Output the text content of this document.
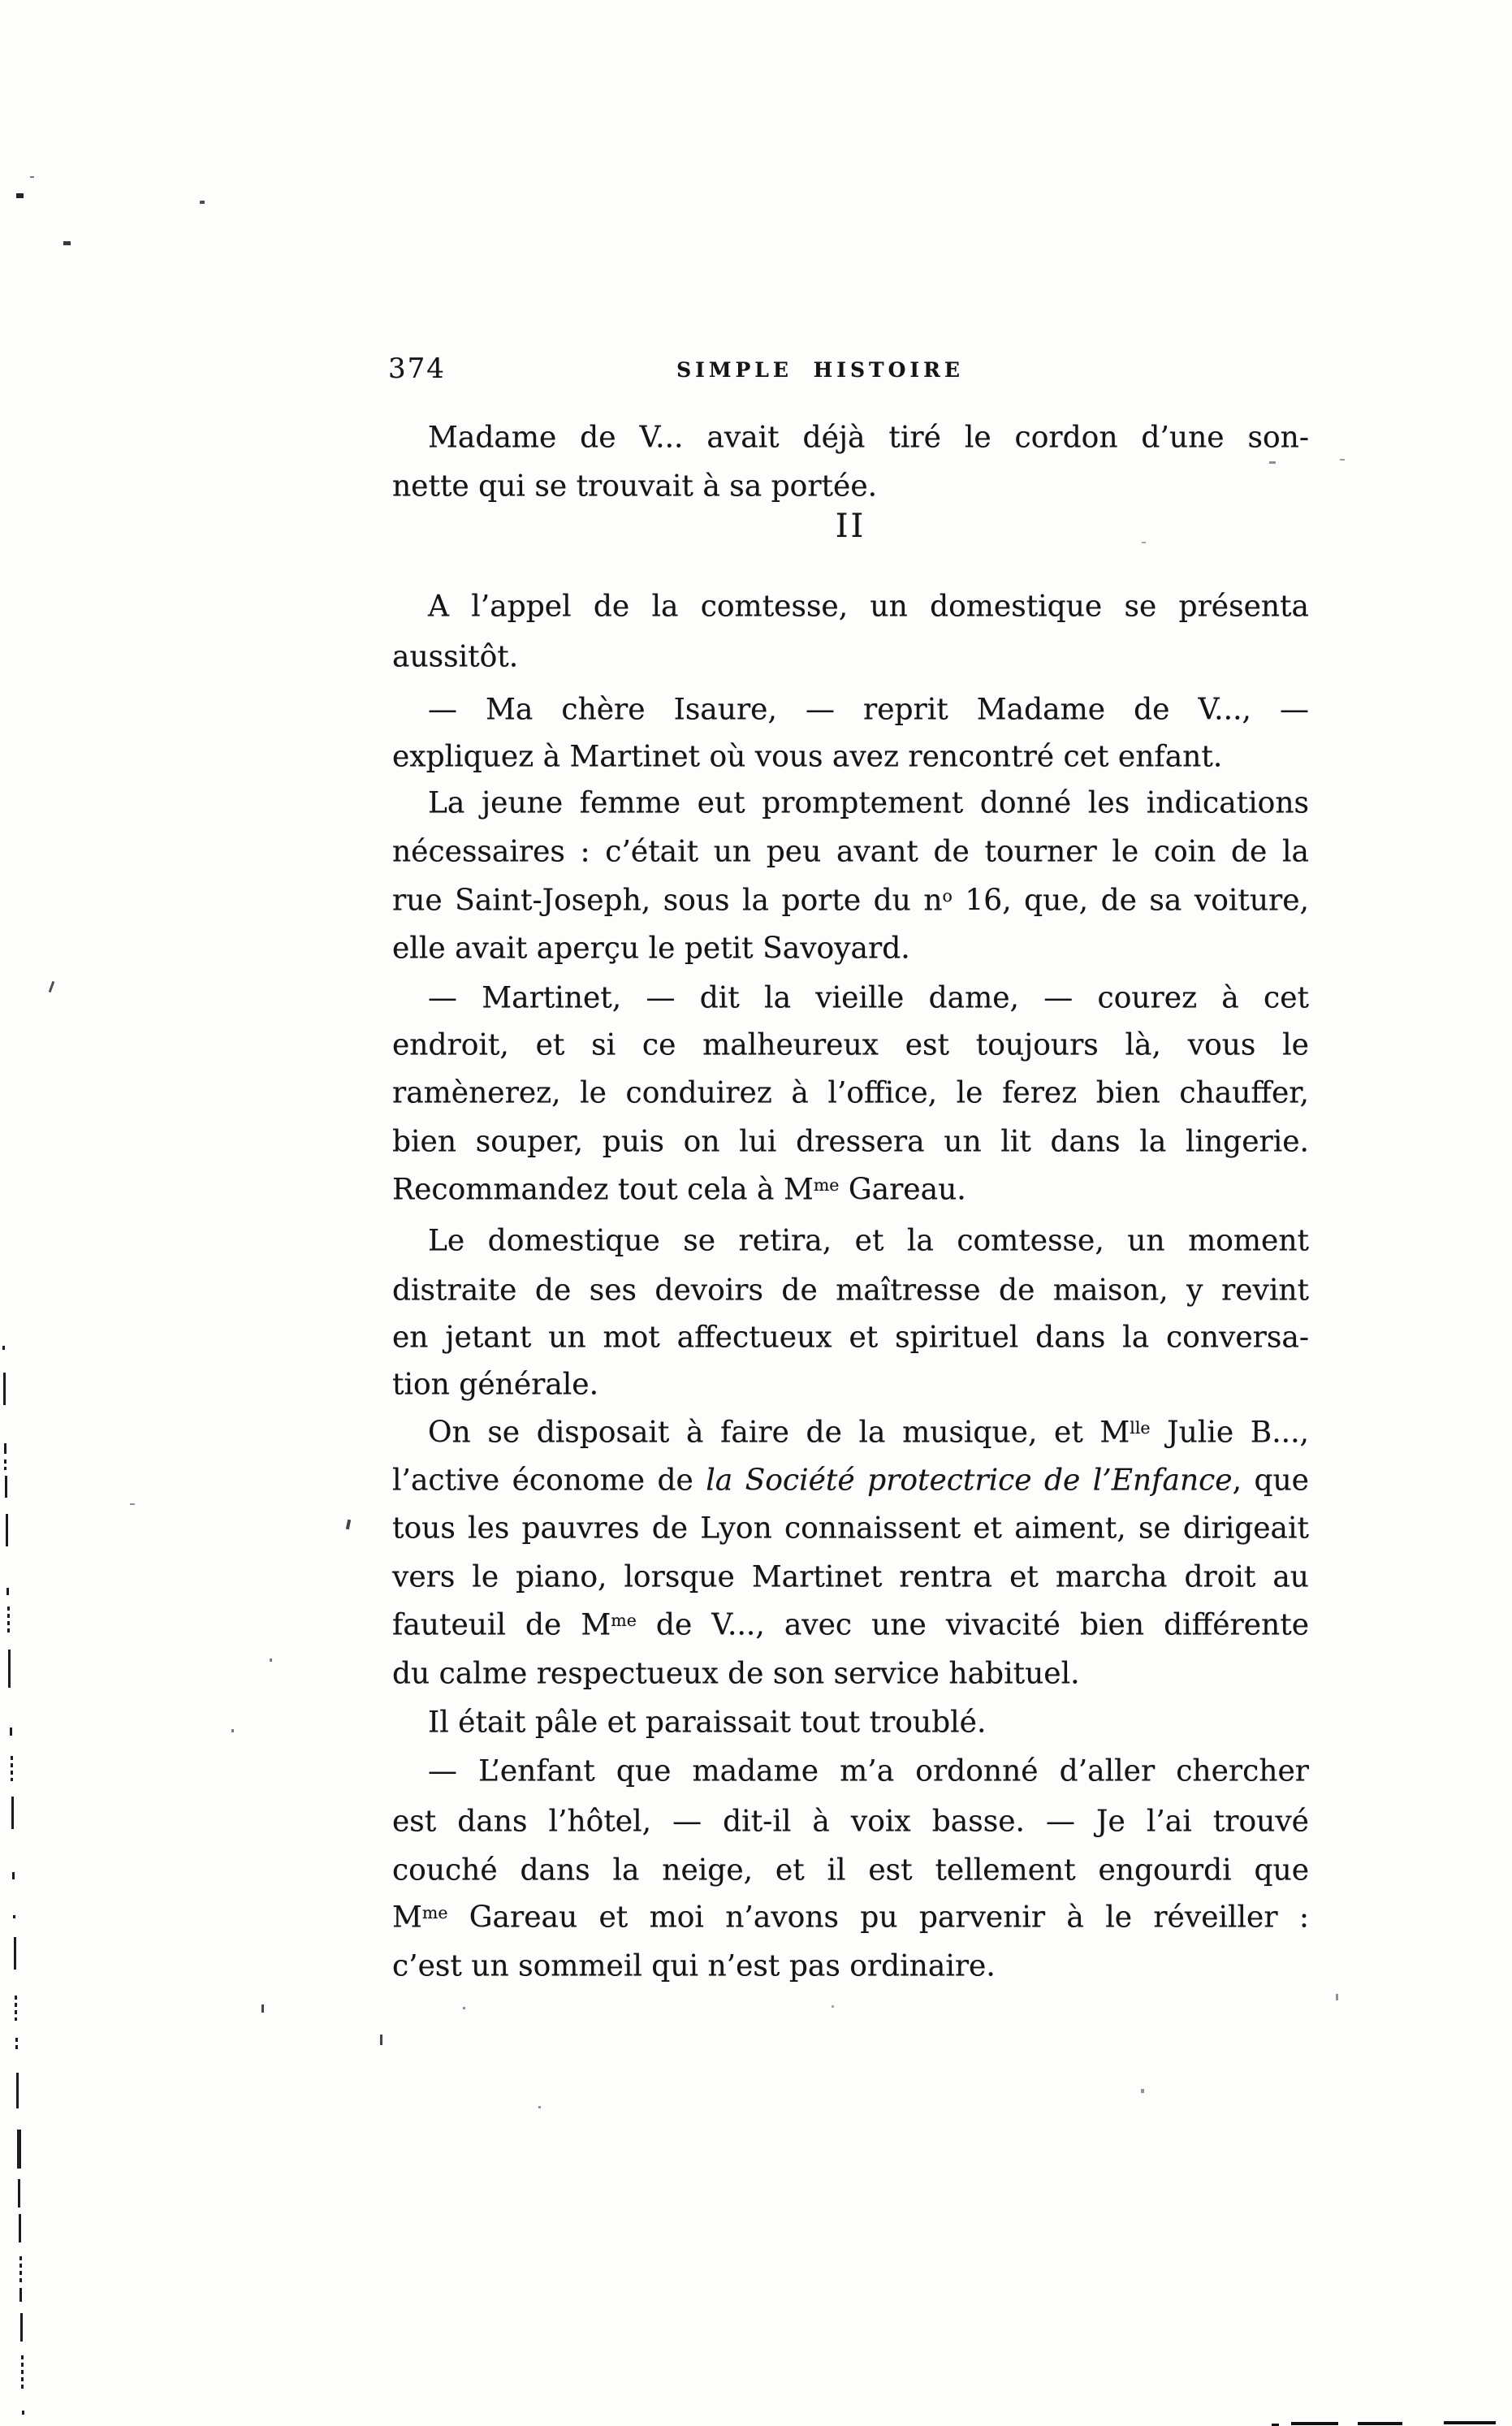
374	SIMPLE HISTOIRE
Madame de V... avait déjà tiré le cordon d’une son-
nette qui se trouvait à sa portée.
II
A l’appel de la comtesse, un domestique se présenta
aussitôt.
— Ma chère Isaure, — reprit Madame de V..., —
expliquez à Martinet où vous avez rencontré cet enfant.
La jeune femme eut promptement donné les indications
nécessaires : c’était un peu avant de tourner le coin de la
rue Saint-Joseph, sous la porte du $n^o$ 16, que, de sa voiture,
elle avait aperçu le petit Savoyard.
— Martinet, — dit la vieille dame, — courez à cet
endroit, et si ce malheureux est toujours là, vous le
ramènerez, le conduirez à l’office, le ferez bien chauffer,
bien souper, puis on lui dressera un lit dans la lingerie.
Recommandez tout cela à $M^{me}$ Gareau.
Le domestique se retira, et la comtesse, un moment
distraite de ses devoirs de maîtresse de maison, y revint
en jetant un mot affectueux et spirituel dans la conversa-
tion générale.
On se disposait à faire de la musique, et $M^{lle}$ Julie B...,
l’active économe de la Société protectrice de l’Enfance, que
tous les pauvres de Lyon connaissent et aiment, se dirigeait
vers le piano, lorsque Martinet rentra et marcha droit au
fauteuil de $M^{me}$ de V..., avec une vivacité bien différente
du calme respectueux de son service habituel.
Il était pâle et paraissait tout troublé.
— L’enfant que madame m’a ordonné d’aller chercher
est dans l’hôtel, — dit-il à voix basse. — Je l’ai trouvé
couché dans la neige, et il est tellement engourdi que
$M^{me}$ Gareau et moi n’avons pu parvenir à le réveiller :
c’est un sommeil qui n’est pas ordinaire.
